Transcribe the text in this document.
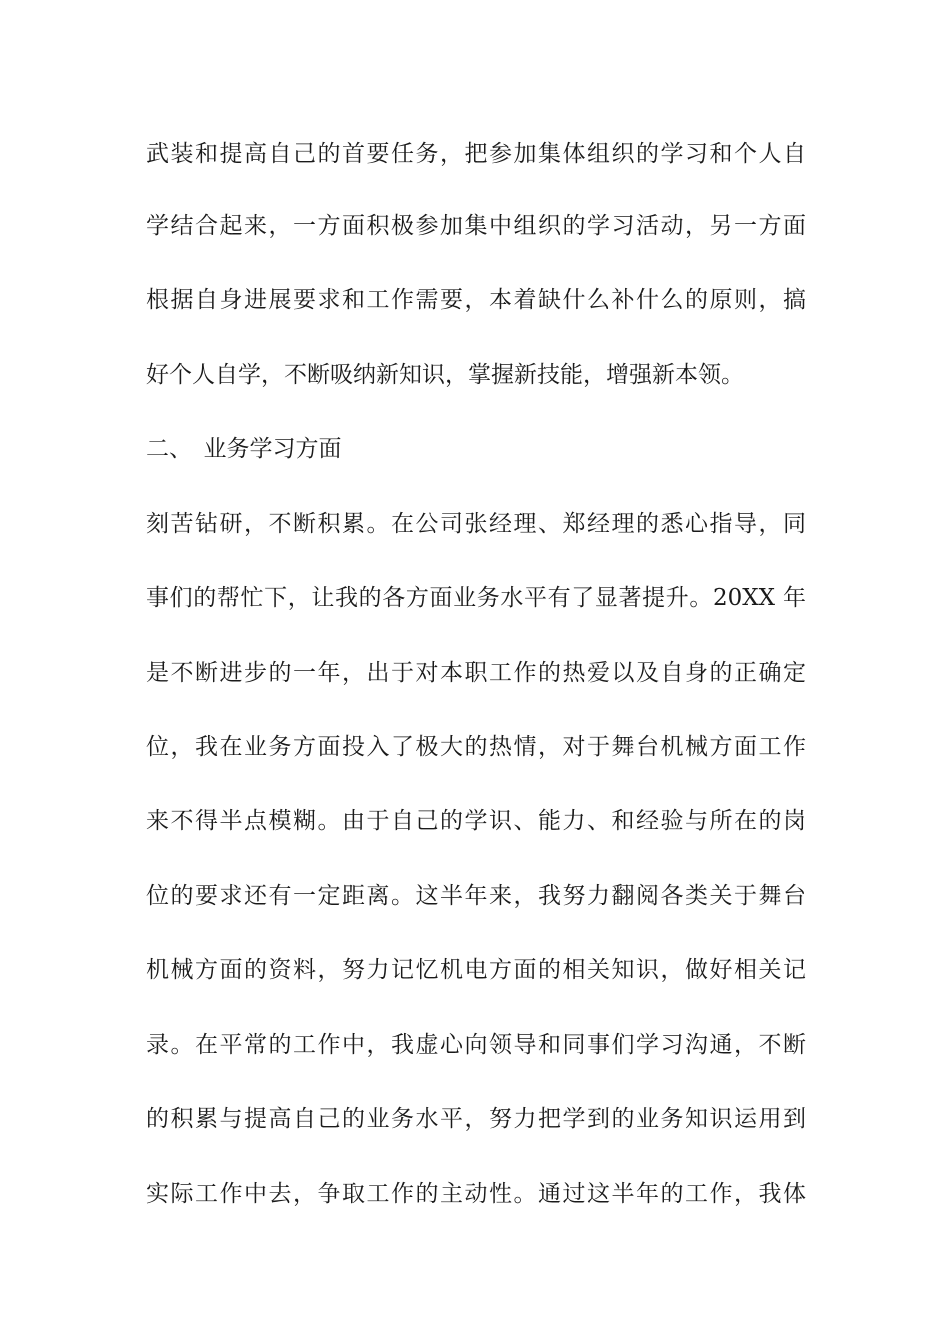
武装和提高自己的首要任务，把参加集体组织的学习和个人自
学结合起来，一方面积极参加集中组织的学习活动，另一方面
根据自身进展要求和工作需要，本着缺什么补什么的原则，搞
好个人自学，不断吸纳新知识，掌握新技能，增强新本领。
二、　业务学习方面
刻苦钻研，不断积累。在公司张经理、郑经理的悉心指导，同
事们的帮忙下，让我的各方面业务水平有了显著提升。20XX 年
是不断进步的一年，出于对本职工作的热爱以及自身的正确定
位，我在业务方面投入了极大的热情，对于舞台机械方面工作
来不得半点模糊。由于自己的学识、能力、和经验与所在的岗
位的要求还有一定距离。这半年来，我努力翻阅各类关于舞台
机械方面的资料，努力记忆机电方面的相关知识，做好相关记
录。在平常的工作中，我虚心向领导和同事们学习沟通，不断
的积累与提高自己的业务水平，努力把学到的业务知识运用到
实际工作中去，争取工作的主动性。通过这半年的工作，我体
